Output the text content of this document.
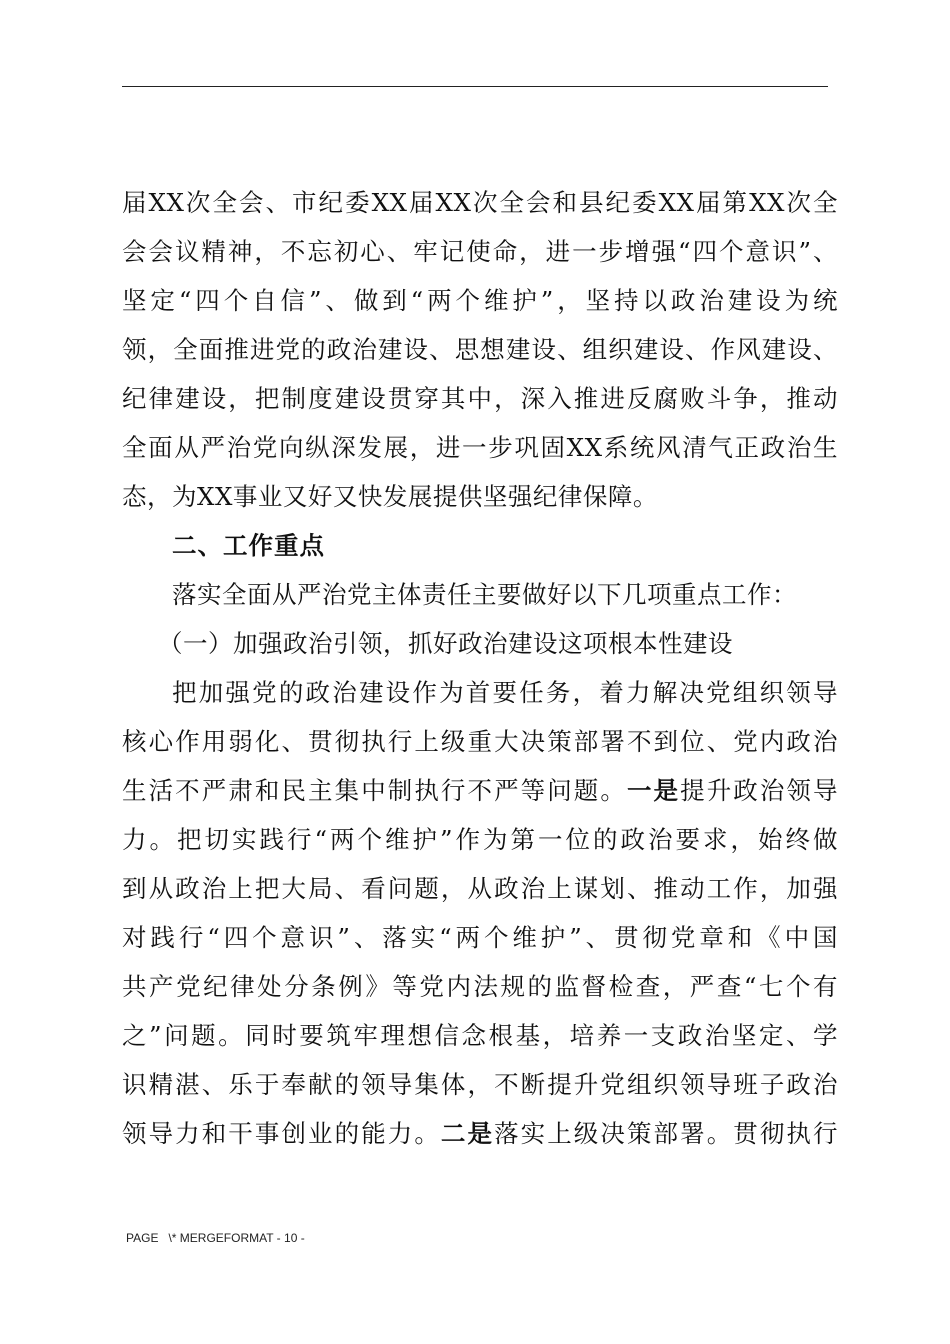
届XX次全会、市纪委XX届XX次全会和县纪委XX届第XX次全
会会议精神，不忘初心、牢记使命，进一步增强“四个意识”、
坚定“四个自信”、做到“两个维护”，坚持以政治建设为统
领，全面推进党的政治建设、思想建设、组织建设、作风建设、
纪律建设，把制度建设贯穿其中，深入推进反腐败斗争，推动
全面从严治党向纵深发展，进一步巩固XX系统风清气正政治生
态，为XX事业又好又快发展提供坚强纪律保障。
二、工作重点
落实全面从严治党主体责任主要做好以下几项重点工作：
（一）加强政治引领，抓好政治建设这项根本性建设
把加强党的政治建设作为首要任务，着力解决党组织领导
核心作用弱化、贯彻执行上级重大决策部署不到位、党内政治
生活不严肃和民主集中制执行不严等问题。一是提升政治领导
力。把切实践行“两个维护”作为第一位的政治要求，始终做
到从政治上把大局、看问题，从政治上谋划、推动工作，加强
对践行“四个意识”、落实“两个维护”、贯彻党章和《中国
共产党纪律处分条例》等党内法规的监督检查，严查“七个有
之”问题。同时要筑牢理想信念根基，培养一支政治坚定、学
识精湛、乐于奉献的领导集体，不断提升党组织领导班子政治
领导力和干事创业的能力。二是落实上级决策部署。贯彻执行
PAGE   \* MERGEFORMAT - 10 -
